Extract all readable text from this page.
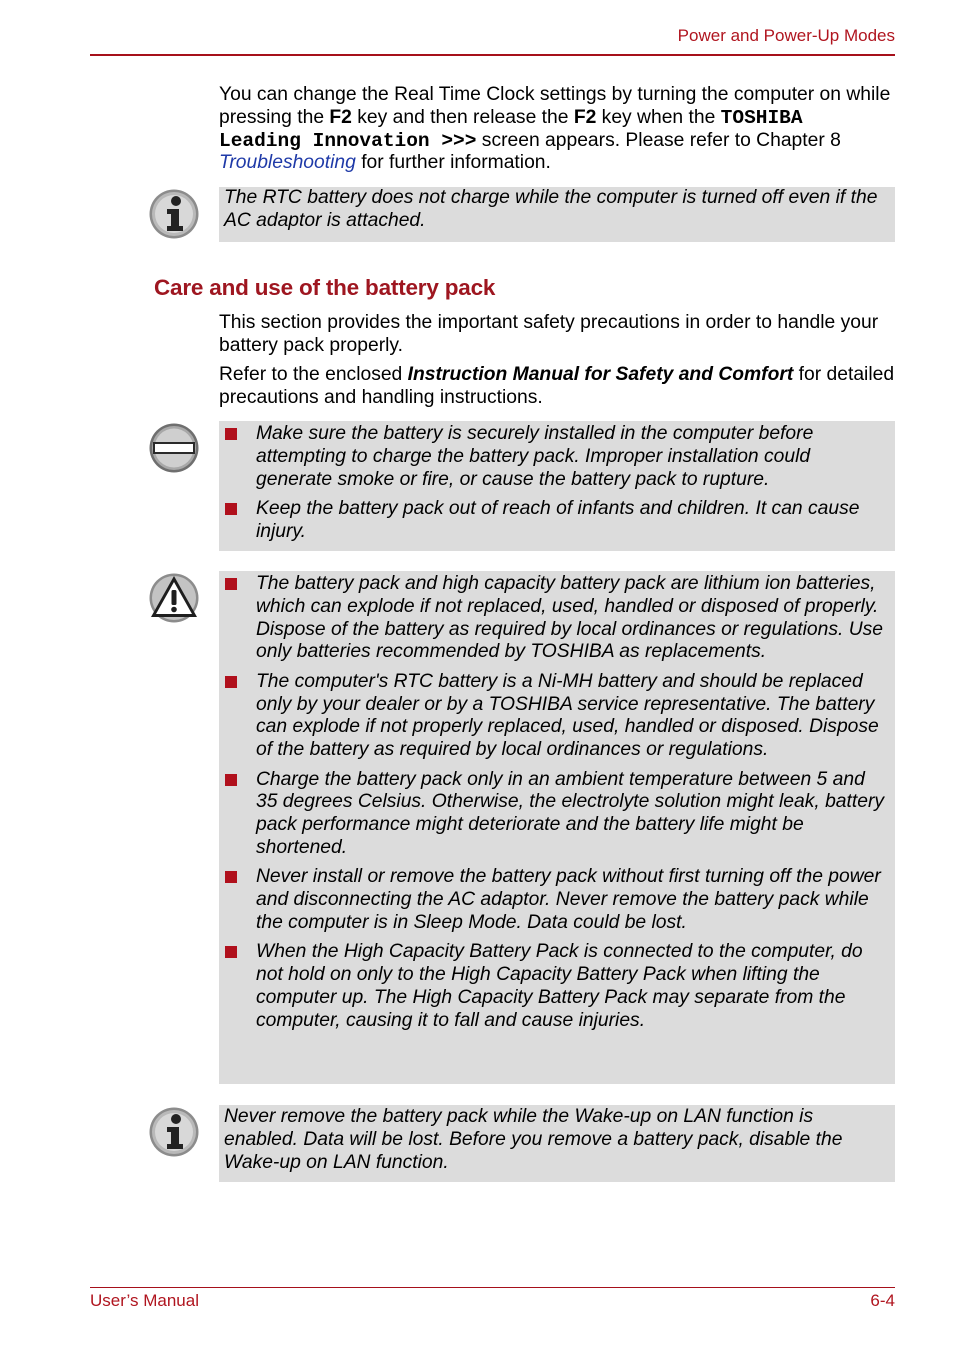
Power and Power-Up Modes

You can change the Real Time Clock settings by turning the computer on while pressing the F2 key and then release the F2 key when the TOSHIBA Leading Innovation >>> screen appears. Please refer to Chapter 8 Troubleshooting for further information.

The RTC battery does not charge while the computer is turned off even if the AC adaptor is attached.
Care and use of the battery pack

This section provides the important safety precautions in order to handle your battery pack properly.

Refer to the enclosed Instruction Manual for Safety and Comfort for detailed precautions and handling instructions.

Make sure the battery is securely installed in the computer before attempting to charge the battery pack. Improper installation could generate smoke or fire, or cause the battery pack to rupture.
Keep the battery pack out of reach of infants and children. It can cause injury.
The battery pack and high capacity battery pack are lithium ion batteries, which can explode if not replaced, used, handled or disposed of properly. Dispose of the battery as required by local ordinances or regulations. Use only batteries recommended by TOSHIBA as replacements.
The computer's RTC battery is a Ni-MH battery and should be replaced only by your dealer or by a TOSHIBA service representative. The battery can explode if not properly replaced, used, handled or disposed. Dispose of the battery as required by local ordinances or regulations.
Charge the battery pack only in an ambient temperature between 5 and 35 degrees Celsius. Otherwise, the electrolyte solution might leak, battery pack performance might deteriorate and the battery life might be shortened.
Never install or remove the battery pack without first turning off the power and disconnecting the AC adaptor. Never remove the battery pack while the computer is in Sleep Mode. Data could be lost.
When the High Capacity Battery Pack is connected to the computer, do not hold on only to the High Capacity Battery Pack when lifting the computer up. The High Capacity Battery Pack may separate from the computer, causing it to fall and cause injuries.
Never remove the battery pack while the Wake-up on LAN function is enabled. Data will be lost. Before you remove a battery pack, disable the Wake-up on LAN function.
User’s Manual	6-4
